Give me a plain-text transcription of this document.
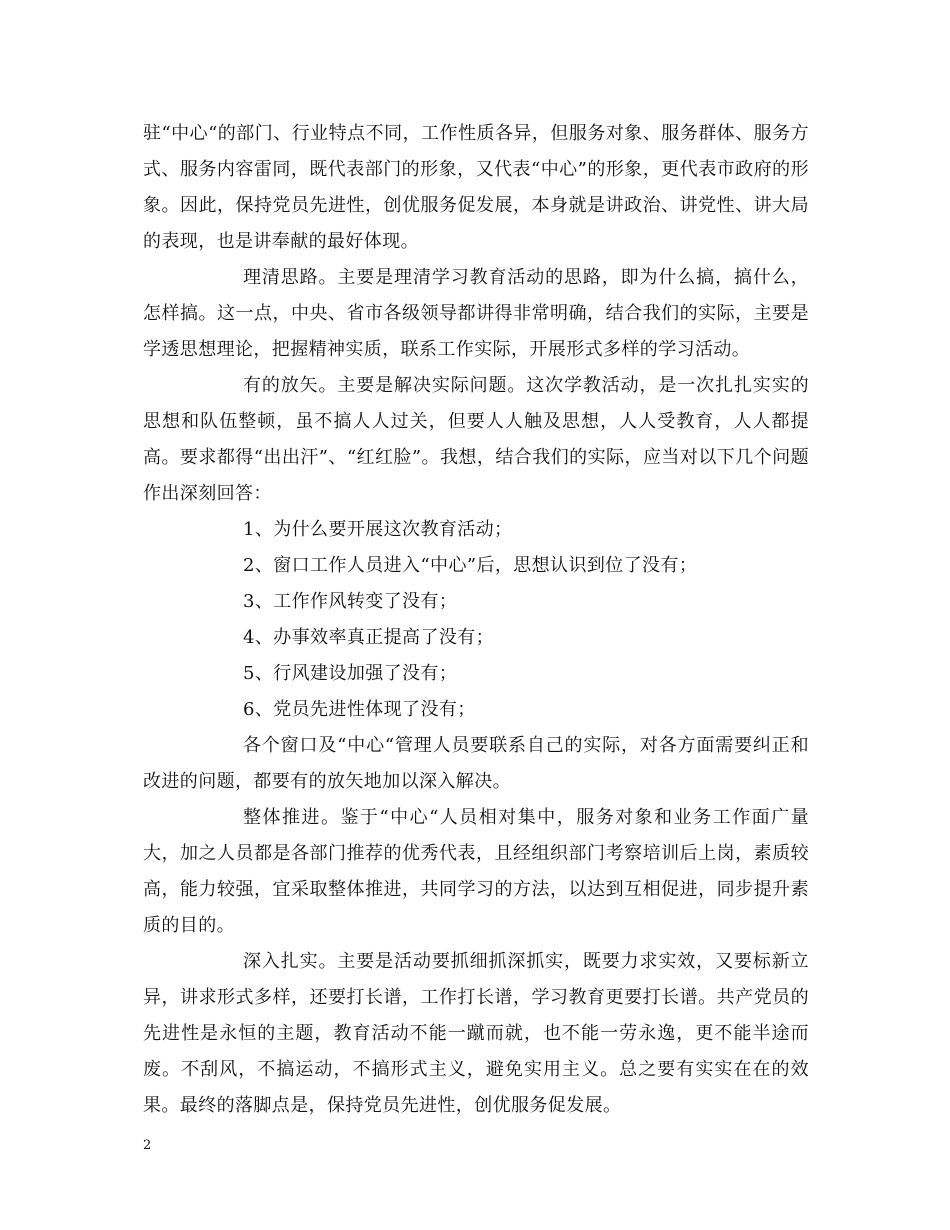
驻“中心“的部门、行业特点不同，工作性质各异，但服务对象、服务群体、服务方式、服务内容雷同，既代表部门的形象，又代表“中心”的形象，更代表市政府的形象。因此，保持党员先进性，创优服务促发展，本身就是讲政治、讲党性、讲大局的表现，也是讲奉献的最好体现。

理清思路。主要是理清学习教育活动的思路，即为什么搞，搞什么，怎样搞。这一点，中央、省市各级领导都讲得非常明确，结合我们的实际，主要是学透思想理论，把握精神实质，联系工作实际，开展形式多样的学习活动。

有的放矢。主要是解决实际问题。这次学教活动，是一次扎扎实实的思想和队伍整顿，虽不搞人人过关，但要人人触及思想，人人受教育，人人都提高。要求都得“出出汗”、“红红脸”。我想，结合我们的实际，应当对以下几个问题作出深刻回答：

1、为什么要开展这次教育活动；

2、窗口工作人员进入“中心”后，思想认识到位了没有；

3、工作作风转变了没有；

4、办事效率真正提高了没有；

5、行风建设加强了没有；

6、党员先进性体现了没有；

各个窗口及“中心“管理人员要联系自己的实际，对各方面需要纠正和改进的问题，都要有的放矢地加以深入解决。

整体推进。鉴于“中心“人员相对集中，服务对象和业务工作面广量大，加之人员都是各部门推荐的优秀代表，且经组织部门考察培训后上岗，素质较高，能力较强，宜采取整体推进，共同学习的方法，以达到互相促进，同步提升素质的目的。

深入扎实。主要是活动要抓细抓深抓实，既要力求实效，又要标新立异，讲求形式多样，还要打长谱，工作打长谱，学习教育更要打长谱。共产党员的先进性是永恒的主题，教育活动不能一蹴而就，也不能一劳永逸，更不能半途而废。不刮风，不搞运动，不搞形式主义，避免实用主义。总之要有实实在在的效果。最终的落脚点是，保持党员先进性，创优服务促发展。

2
